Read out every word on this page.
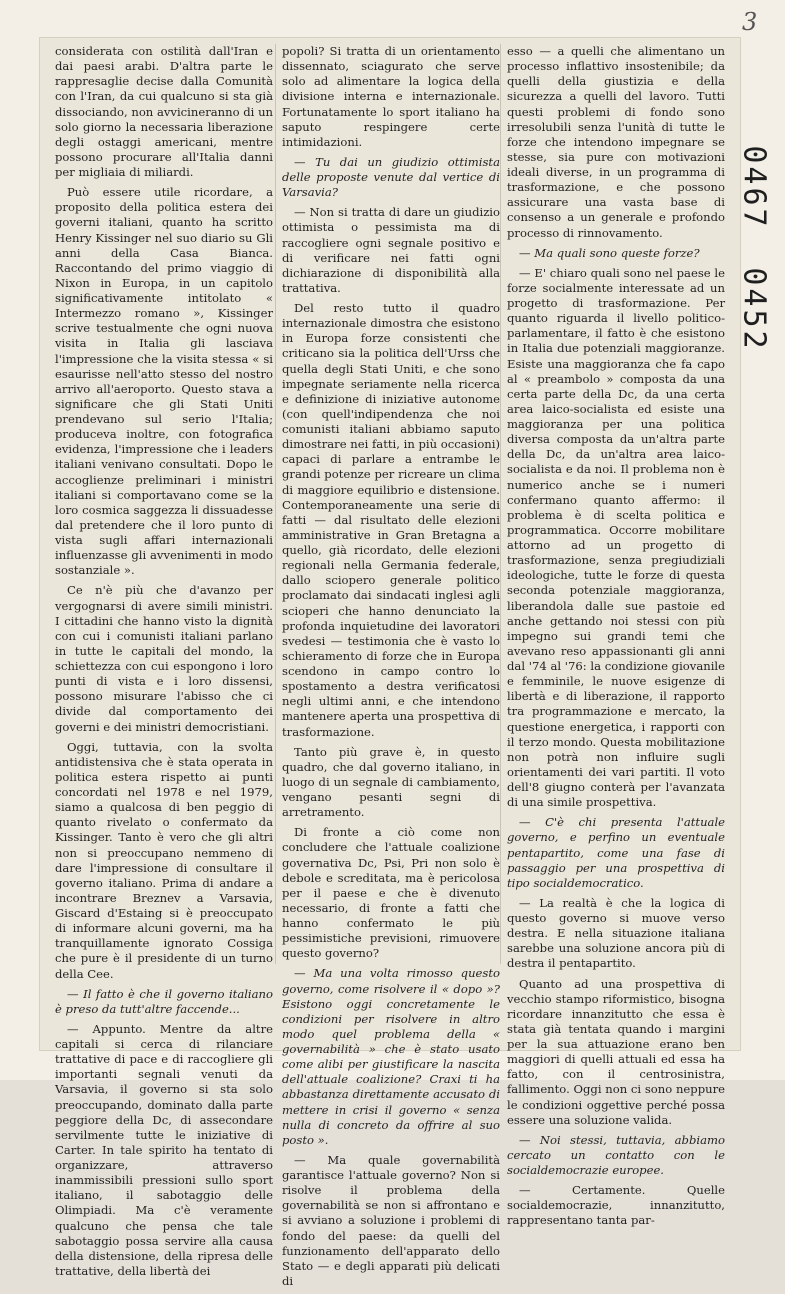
3

considerata con ostilità dall'Iran e dai paesi arabi. D'altra parte le rappresaglie decise dalla Comunità con l'Iran, da cui qualcuno si sta già dissociando, non avvicineranno di un solo giorno la necessaria liberazione degli ostaggi americani, mentre possono procurare all'Italia danni per migliaia di miliardi.

Può essere utile ricordare, a proposito della politica estera dei governi italiani, quanto ha scritto Henry Kissinger nel suo diario su Gli anni della Casa Bianca. Raccontando del primo viaggio di Nixon in Europa, in un capitolo significativamente intitolato « Intermezzo romano », Kissinger scrive testualmente che ogni nuova visita in Italia gli lasciava l'impressione che la visita stessa « si esaurisse nell'atto stesso del nostro arrivo all'aeroporto. Questo stava a significare che gli Stati Uniti prendevano sul serio l'Italia; produceva inoltre, con fotografica evidenza, l'impressione che i leaders italiani venivano consultati. Dopo le accoglienze preliminari i ministri italiani si comportavano come se la loro cosmica saggezza li dissuadesse dal pretendere che il loro punto di vista sugli affari internazionali influenzasse gli avvenimenti in modo sostanziale ».

Ce n'è più che d'avanzo per vergognarsi di avere simili ministri. I cittadini che hanno visto la dignità con cui i comunisti italiani parlano in tutte le capitali del mondo, la schiettezza con cui espongono i loro punti di vista e i loro dissensi, possono misurare l'abisso che ci divide dal comportamento dei governi e dei ministri democristiani.

Oggi, tuttavia, con la svolta antidistensiva che è stata operata in politica estera rispetto ai punti concordati nel 1978 e nel 1979, siamo a qualcosa di ben peggio di quanto rivelato o confermato da Kissinger. Tanto è vero che gli altri non si preoccupano nemmeno di dare l'impressione di consultare il governo italiano. Prima di andare a incontrare Breznev a Varsavia, Giscard d'Estaing si è preoccupato di informare alcuni governi, ma ha tranquillamente ignorato Cossiga che pure è il presidente di un turno della Cee.

— Il fatto è che il governo italiano è preso da tutt'altre faccende...

— Appunto. Mentre da altre capitali si cerca di rilanciare trattative di pace e di raccogliere gli importanti segnali venuti da Varsavia, il governo si sta solo preoccupando, dominato dalla parte peggiore della Dc, di assecondare servilmente tutte le iniziative di Carter. In tale spirito ha tentato di organizzare, attraverso inammissibili pressioni sullo sport italiano, il sabotaggio delle Olimpiadi. Ma c'è veramente qualcuno che pensa che tale sabotaggio possa servire alla causa della distensione, della ripresa delle trattative, della libertà dei

popoli? Si tratta di un orientamento dissennato, sciagurato che serve solo ad alimentare la logica della divisione interna e internazionale. Fortunatamente lo sport italiano ha saputo respingere certe intimidazioni.

— Tu dai un giudizio ottimista delle proposte venute dal vertice di Varsavia?

— Non si tratta di dare un giudizio ottimista o pessimista ma di raccogliere ogni segnale positivo e di verificare nei fatti ogni dichiarazione di disponibilità alla trattativa.

Del resto tutto il quadro internazionale dimostra che esistono in Europa forze consistenti che criticano sia la politica dell'Urss che quella degli Stati Uniti, e che sono impegnate seriamente nella ricerca e definizione di iniziative autonome (con quell'indipendenza che noi comunisti italiani abbiamo saputo dimostrare nei fatti, in più occasioni) capaci di parlare a entrambe le grandi potenze per ricreare un clima di maggiore equilibrio e distensione. Contemporaneamente una serie di fatti — dal risultato delle elezioni amministrative in Gran Bretagna a quello, già ricordato, delle elezioni regionali nella Germania federale, dallo sciopero generale politico proclamato dai sindacati inglesi agli scioperi che hanno denunciato la profonda inquietudine dei lavoratori svedesi — testimonia che è vasto lo schieramento di forze che in Europa scendono in campo contro lo spostamento a destra verificatosi negli ultimi anni, e che intendono mantenere aperta una prospettiva di trasformazione.

Tanto più grave è, in questo quadro, che dal governo italiano, in luogo di un segnale di cambiamento, vengano pesanti segni di arretramento.

Di fronte a ciò come non concludere che l'attuale coalizione governativa Dc, Psi, Pri non solo è debole e screditata, ma è pericolosa per il paese e che è divenuto necessario, di fronte a fatti che hanno confermato le più pessimistiche previsioni, rimuovere questo governo?

— Ma una volta rimosso questo governo, come risolvere il « dopo »? Esistono oggi concretamente le condizioni per risolvere in altro modo quel problema della « governabilità » che è stato usato come alibi per giustificare la nascita dell'attuale coalizione? Craxi ti ha abbastanza direttamente accusato di mettere in crisi il governo « senza nulla di concreto da offrire al suo posto ».

— Ma quale governabilità garantisce l'attuale governo? Non si risolve il problema della governabilità se non si affrontano e si avviano a soluzione i problemi di fondo del paese: da quelli del funzionamento dell'apparato dello Stato — e degli apparati più delicati di

esso — a quelli che alimentano un processo inflattivo insostenibile; da quelli della giustizia e della sicurezza a quelli del lavoro. Tutti questi problemi di fondo sono irresolubili senza l'unità di tutte le forze che intendono impegnare se stesse, sia pure con motivazioni ideali diverse, in un programma di trasformazione, e che possono assicurare una vasta base di consenso a un generale e profondo processo di rinnovamento.

— Ma quali sono queste forze?

— E' chiaro quali sono nel paese le forze socialmente interessate ad un progetto di trasformazione. Per quanto riguarda il livello politico-parlamentare, il fatto è che esistono in Italia due potenziali maggioranze. Esiste una maggioranza che fa capo al « preambolo » composta da una certa parte della Dc, da una certa area laico-socialista ed esiste una maggioranza per una politica diversa composta da un'altra parte della Dc, da un'altra area laico-socialista e da noi. Il problema non è numerico anche se i numeri confermano quanto affermo: il problema è di scelta politica e programmatica. Occorre mobilitare attorno ad un progetto di trasformazione, senza pregiudiziali ideologiche, tutte le forze di questa seconda potenziale maggioranza, liberandola dalle sue pastoie ed anche gettando noi stessi con più impegno sui grandi temi che avevano reso appassionanti gli anni dal '74 al '76: la condizione giovanile e femminile, le nuove esigenze di libertà e di liberazione, il rapporto tra programmazione e mercato, la questione energetica, i rapporti con il terzo mondo. Questa mobilitazione non potrà non influire sugli orientamenti dei vari partiti. Il voto dell'8 giugno conterà per l'avanzata di una simile prospettiva.

— C'è chi presenta l'attuale governo, e perfino un eventuale pentapartito, come una fase di passaggio per una prospettiva di tipo socialdemocratico.

— La realtà è che la logica di questo governo si muove verso destra. E nella situazione italiana sarebbe una soluzione ancora più di destra il pentapartito.

Quanto ad una prospettiva di vecchio stampo riformistico, bisogna ricordare innanzitutto che essa è stata già tentata quando i margini per la sua attuazione erano ben maggiori di quelli attuali ed essa ha fatto, con il centrosinistra, fallimento. Oggi non ci sono neppure le condizioni oggettive perché possa essere una soluzione valida.

— Noi stessi, tuttavia, abbiamo cercato un contatto con le socialdemocrazie europee.

— Certamente. Quelle socialdemocrazie, innanzitutto, rappresentano tanta par-

0467
0452
